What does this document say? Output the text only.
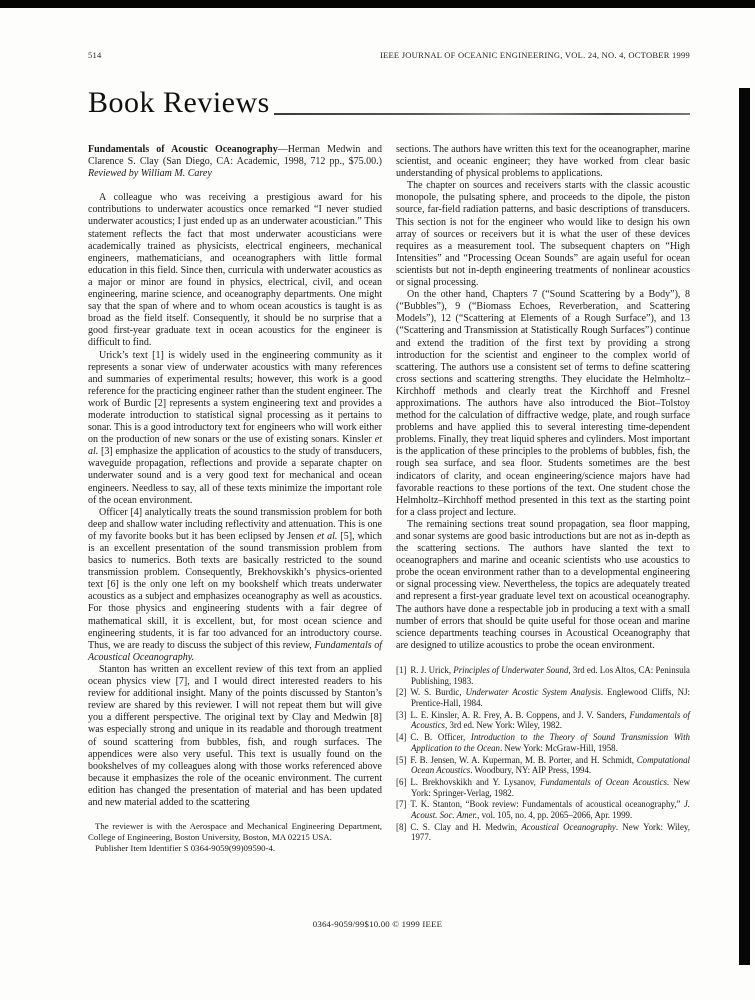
514	IEEE JOURNAL OF OCEANIC ENGINEERING, VOL. 24, NO. 4, OCTOBER 1999
Book Reviews

Fundamentals of Acoustic Oceanography—Herman Medwin and Clarence S. Clay (San Diego, CA: Academic, 1998, 712 pp., $75.00.) Reviewed by William M. Carey

A colleague who was receiving a prestigious award for his contributions to underwater acoustics once remarked “I never studied underwater acoustics; I just ended up as an underwater acoustician.” This statement reflects the fact that most underwater acousticians were academically trained as physicists, electrical engineers, mechanical engineers, mathematicians, and oceanographers with little formal education in this field. Since then, curricula with underwater acoustics as a major or minor are found in physics, electrical, civil, and ocean engineering, marine science, and oceanography departments. One might say that the span of where and to whom ocean acoustics is taught is as broad as the field itself. Consequently, it should be no surprise that a good first-year graduate text in ocean acoustics for the engineer is difficult to find.

Urick’s text [1] is widely used in the engineering community as it represents a sonar view of underwater acoustics with many references and summaries of experimental results; however, this work is a good reference for the practicing engineer rather than the student engineer. The work of Burdic [2] represents a system engineering text and provides a moderate introduction to statistical signal processing as it pertains to sonar. This is a good introductory text for engineers who will work either on the production of new sonars or the use of existing sonars. Kinsler et al. [3] emphasize the application of acoustics to the study of transducers, waveguide propagation, reflections and provide a separate chapter on underwater sound and is a very good text for mechanical and ocean engineers. Needless to say, all of these texts minimize the important role of the ocean environment.

Officer [4] analytically treats the sound transmission problem for both deep and shallow water including reflectivity and attenuation. This is one of my favorite books but it has been eclipsed by Jensen et al. [5], which is an excellent presentation of the sound transmission problem from basics to numerics. Both texts are basically restricted to the sound transmission problem. Consequently, Brekhovskikh’s physics-oriented text [6] is the only one left on my bookshelf which treats underwater acoustics as a subject and emphasizes oceanography as well as acoustics. For those physics and engineering students with a fair degree of mathematical skill, it is excellent, but, for most ocean science and engineering students, it is far too advanced for an introductory course. Thus, we are ready to discuss the subject of this review, Fundamentals of Acoustical Oceanography.

Stanton has written an excellent review of this text from an applied ocean physics view [7], and I would direct interested readers to his review for additional insight. Many of the points discussed by Stanton’s review are shared by this reviewer. I will not repeat them but will give you a different perspective. The original text by Clay and Medwin [8] was especially strong and unique in its readable and thorough treatment of sound scattering from bubbles, fish, and rough surfaces. The appendices were also very useful. This text is usually found on the bookshelves of my colleagues along with those works referenced above because it emphasizes the role of the oceanic environment. The current edition has changed the presentation of material and has been updated and new material added to the scattering

The reviewer is with the Aerospace and Mechanical Engineering Department, College of Engineering, Boston University, Boston, MA 02215 USA.

Publisher Item Identifier S 0364-9059(99)09590-4.

sections. The authors have written this text for the oceanographer, marine scientist, and oceanic engineer; they have worked from clear basic understanding of physical problems to applications.

The chapter on sources and receivers starts with the classic acoustic monopole, the pulsating sphere, and proceeds to the dipole, the piston source, far-field radiation patterns, and basic descriptions of transducers. This section is not for the engineer who would like to design his own array of sources or receivers but it is what the user of these devices requires as a measurement tool. The subsequent chapters on “High Intensities” and “Processing Ocean Sounds” are again useful for ocean scientists but not in-depth engineering treatments of nonlinear acoustics or signal processing.

On the other hand, Chapters 7 (“Sound Scattering by a Body”), 8 (“Bubbles”), 9 (“Biomass Echoes, Reverberation, and Scattering Models”), 12 (“Scattering at Elements of a Rough Surface”), and 13 (“Scattering and Transmission at Statistically Rough Surfaces”) continue and extend the tradition of the first text by providing a strong introduction for the scientist and engineer to the complex world of scattering. The authors use a consistent set of terms to define scattering cross sections and scattering strengths. They elucidate the Helmholtz–Kirchhoff methods and clearly treat the Kirchhoff and Fresnel approximations. The authors have also introduced the Biot–Tolstoy method for the calculation of diffractive wedge, plate, and rough surface problems and have applied this to several interesting time-dependent problems. Finally, they treat liquid spheres and cylinders. Most important is the application of these principles to the problems of bubbles, fish, the rough sea surface, and sea floor. Students sometimes are the best indicators of clarity, and ocean engineering/science majors have had favorable reactions to these portions of the text. One student chose the Helmholtz–Kirchhoff method presented in this text as the starting point for a class project and lecture.

The remaining sections treat sound propagation, sea floor mapping, and sonar systems are good basic introductions but are not as in-depth as the scattering sections. The authors have slanted the text to oceanographers and marine and oceanic scientists who use acoustics to probe the ocean environment rather than to a developmental engineering or signal processing view. Nevertheless, the topics are adequately treated and represent a first-year graduate level text on acoustical oceanography. The authors have done a respectable job in producing a text with a small number of errors that should be quite useful for those ocean and marine science departments teaching courses in Acoustical Oceanography that are designed to utilize acoustics to probe the ocean environment.

[1] R. J. Urick, Principles of Underwater Sound, 3rd ed. Los Altos, CA: Peninsula Publishing, 1983.
[2] W. S. Burdic, Underwater Acostic System Analysis. Englewood Cliffs, NJ: Prentice-Hall, 1984.
[3] L. E. Kinsler, A. R. Frey, A. B. Coppens, and J. V. Sanders, Fundamentals of Acoustics, 3rd ed. New York: Wiley, 1982.
[4] C. B. Officer, Introduction to the Theory of Sound Transmission With Application to the Ocean. New York: McGraw-Hill, 1958.
[5] F. B. Jensen, W. A. Kuperman, M. B. Porter, and H. Schmidt, Computational Ocean Acoustics. Woodbury, NY: AIP Press, 1994.
[6] L. Brekhovskikh and Y. Lysanov, Fundamentals of Ocean Acoustics. New York: Springer-Verlag, 1982.
[7] T. K. Stanton, “Book review: Fundamentals of acoustical oceanography,” J. Acoust. Soc. Amer., vol. 105, no. 4, pp. 2065–2066, Apr. 1999.
[8] C. S. Clay and H. Medwin, Acoustical Oceanography. New York: Wiley, 1977.
0364-9059/99$10.00 © 1999 IEEE
